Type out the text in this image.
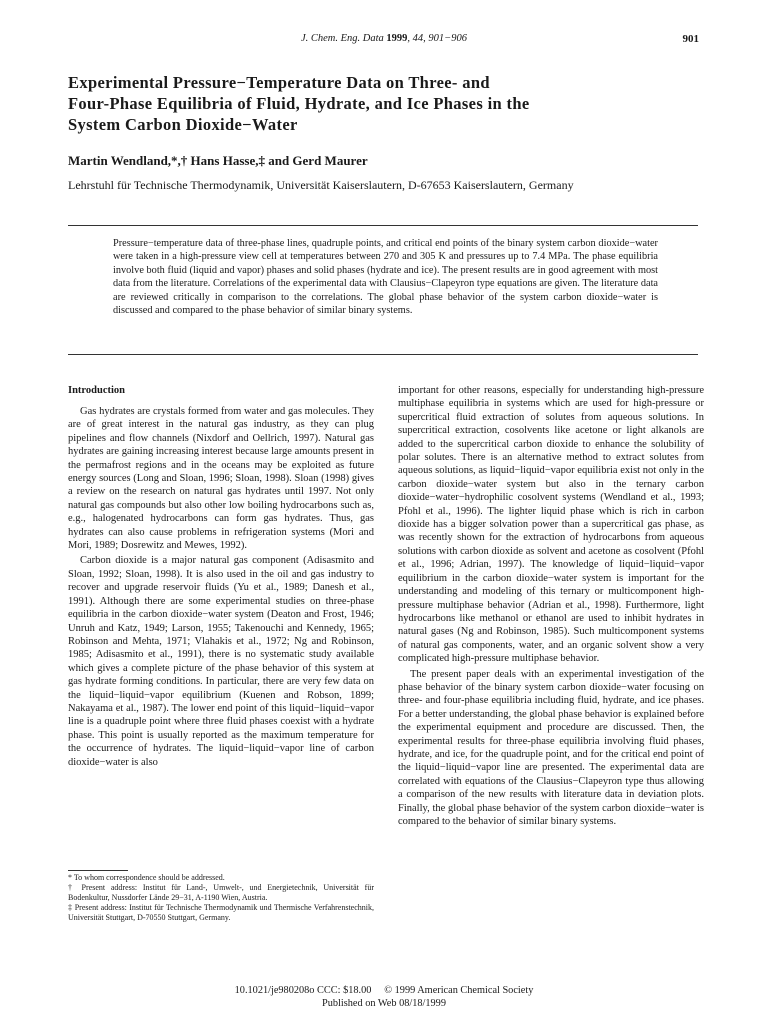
J. Chem. Eng. Data 1999, 44, 901−906	901
Experimental Pressure−Temperature Data on Three- and
Four-Phase Equilibria of Fluid, Hydrate, and Ice Phases in the
System Carbon Dioxide−Water

Martin Wendland,*,† Hans Hasse,‡ and Gerd Maurer

Lehrstuhl für Technische Thermodynamik, Universität Kaiserslautern, D-67653 Kaiserslautern, Germany

Pressure−temperature data of three-phase lines, quadruple points, and critical end points of the binary system carbon dioxide−water were taken in a high-pressure view cell at temperatures between 270 and 305 K and pressures up to 7.4 MPa. The phase equilibria involve both fluid (liquid and vapor) phases and solid phases (hydrate and ice). The present results are in good agreement with most data from the literature. Correlations of the experimental data with Clausius−Clapeyron type equations are given. The literature data are reviewed critically in comparison to the correlations. The global phase behavior of the system carbon dioxide−water is discussed and compared to the phase behavior of similar binary systems.

Introduction

Gas hydrates are crystals formed from water and gas molecules. They are of great interest in the natural gas industry, as they can plug pipelines and flow channels (Nixdorf and Oellrich, 1997). Natural gas hydrates are gaining increasing interest because large amounts present in the permafrost regions and in the oceans may be exploited as future energy sources (Long and Sloan, 1996; Sloan, 1998). Sloan (1998) gives a review on the research on natural gas hydrates until 1997. Not only natural gas compounds but also other low boiling hydrocarbons such as, e.g., halogenated hydrocarbons can form gas hydrates. Thus, gas hydrates can also cause problems in refrigeration systems (Mori and Mori, 1989; Dosrewitz and Mewes, 1992).

Carbon dioxide is a major natural gas component (Adisasmito and Sloan, 1992; Sloan, 1998). It is also used in the oil and gas industry to recover and upgrade reservoir fluids (Yu et al., 1989; Danesh et al., 1991). Although there are some experimental studies on three-phase equilibria in the carbon dioxide−water system (Deaton and Frost, 1946; Unruh and Katz, 1949; Larson, 1955; Takenouchi and Kennedy, 1965; Robinson and Mehta, 1971; Vlahakis et al., 1972; Ng and Robinson, 1985; Adisasmito et al., 1991), there is no systematic study available which gives a complete picture of the phase behavior of this system at gas hydrate forming conditions. In particular, there are very few data on the liquid−liquid−vapor equilibrium (Kuenen and Robson, 1899; Nakayama et al., 1987). The lower end point of this liquid−liquid−vapor line is a quadruple point where three fluid phases coexist with a hydrate phase. This point is usually reported as the maximum temperature for the occurrence of hydrates. The liquid−liquid−vapor line of carbon dioxide−water is also

important for other reasons, especially for understanding high-pressure multiphase equilibria in systems which are used for high-pressure or supercritical fluid extraction of solutes from aqueous solutions. In supercritical extraction, cosolvents like acetone or light alkanols are added to the supercritical carbon dioxide to enhance the solubility of polar solutes. There is an alternative method to extract solutes from aqueous solutions, as liquid−liquid−vapor equilibria exist not only in the carbon dioxide−water system but also in the ternary carbon dioxide−water−hydrophilic cosolvent systems (Wendland et al., 1993; Pfohl et al., 1996). The lighter liquid phase which is rich in carbon dioxide has a bigger solvation power than a supercritical gas phase, as was recently shown for the extraction of hydrocarbons from aqueous solutions with carbon dioxide as solvent and acetone as cosolvent (Pfohl et al., 1996; Adrian, 1997). The knowledge of liquid−liquid−vapor equilibrium in the carbon dioxide−water system is important for the understanding and modeling of this ternary or multicomponent high-pressure multiphase behavior (Adrian et al., 1998). Furthermore, light hydrocarbons like methanol or ethanol are used to inhibit hydrates in natural gases (Ng and Robinson, 1985). Such multicomponent systems of natural gas components, water, and an organic solvent show a very complicated high-pressure multiphase behavior.

The present paper deals with an experimental investigation of the phase behavior of the binary system carbon dioxide−water focusing on three- and four-phase equilibria including fluid, hydrate, and ice phases. For a better understanding, the global phase behavior is explained before the experimental equipment and procedure are discussed. Then, the experimental results for three-phase equilibria involving fluid phases, hydrate, and ice, for the quadruple point, and for the critical end point of the liquid−liquid−vapor line are presented. The experimental data are correlated with equations of the Clausius−Clapeyron type thus allowing a comparison of the new results with literature data in deviation plots. Finally, the global phase behavior of the system carbon dioxide−water is compared to the behavior of similar binary systems.

* To whom correspondence should be addressed.

† Present address: Institut für Land-, Umwelt-, und Energietechnik, Universität für Bodenkultur, Nussdorfer Lände 29−31, A-1190 Wien, Austria.

‡ Present address: Institut für Technische Thermodynamik und Thermische Verfahrenstechnik, Universität Stuttgart, D-70550 Stuttgart, Germany.

10.1021/je980208o CCC: $18.00     © 1999 American Chemical Society

Published on Web 08/18/1999
